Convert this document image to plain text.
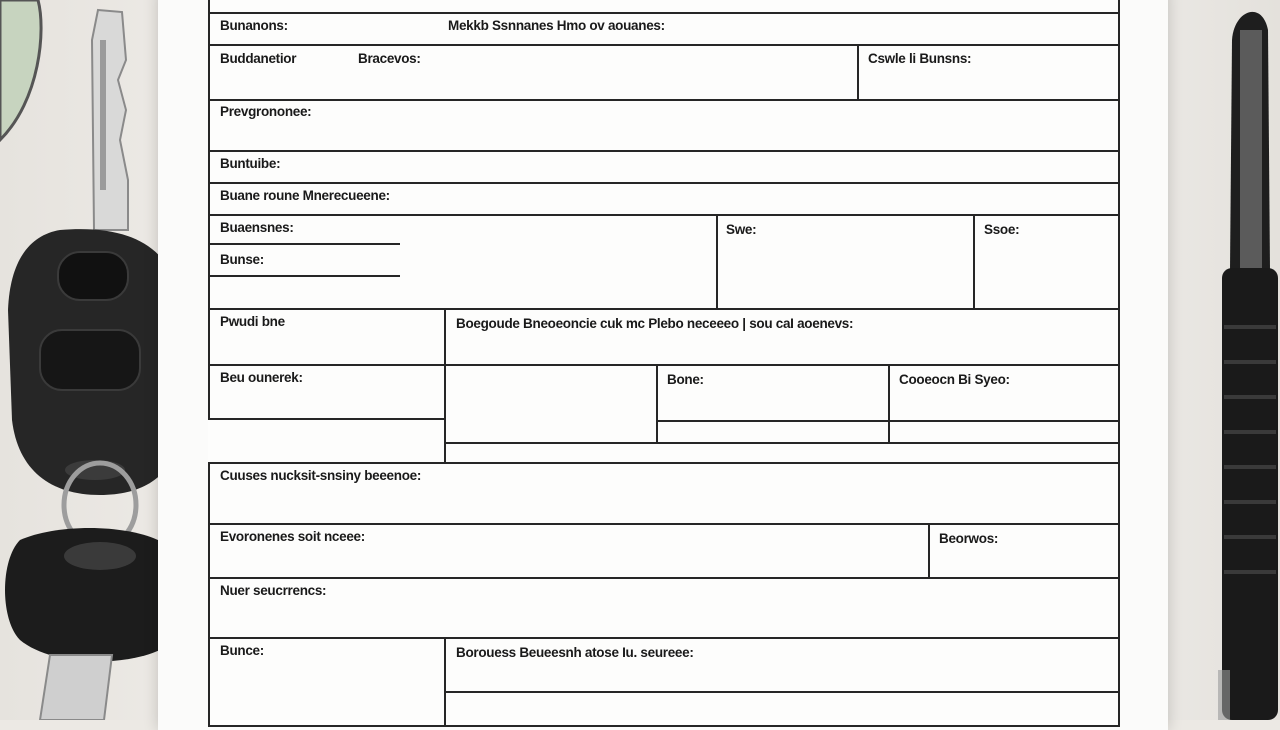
Bunanons:	Mekkb Ssnnanes Hmo ov aouanes:
Buddanetior	Bracevos:	Cswle li Bunsns:
Prevgrononee:
Buntuibe:
Buane roune Mnerecueene:
Buaensnes:
Bunse:
Swe:	Ssoe:
Pwudi bne	Boegoude Bneoeoncie cuk mc Plebo neceeeo | sou caI aoenevs:
Beu ounerek:	Bone:	Cooeocn Bi Syeo:
Cuuses nucksit-snsiny beeenoe:
Evoronenes soit nceee:	Beorwos:
Nuer seucrrencs:
Bunce:	Borouess Beueesnh atose Iu. seureee:
